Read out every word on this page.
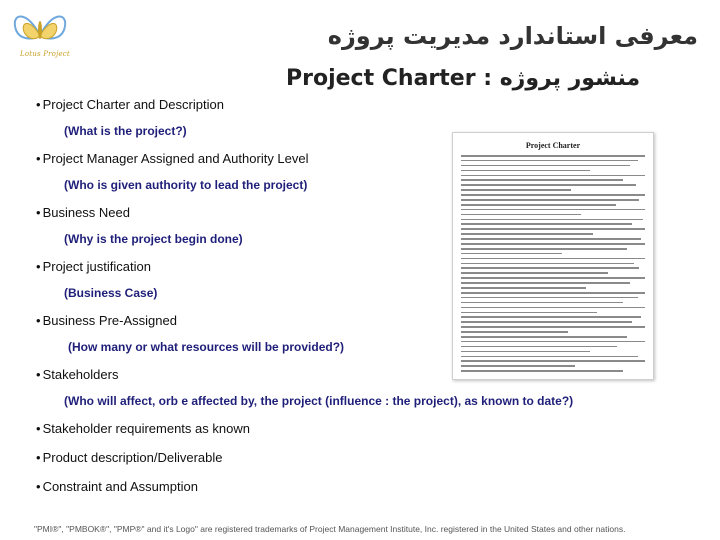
Lotus Project
معرفی استاندارد مدیریت پروژه
Project Charter : منشور پروژه
• Project Charter and Description
(What is the project?)
• Project Manager Assigned and Authority Level
(Who is given authority to lead the project)
• Business Need
(Why is the project begin done)
• Project justification
(Business Case)
• Business Pre-Assigned
(How many or what resources will be provided?)
• Stakeholders
(Who will affect, orb e affected by, the project (influence : the project), as known to date?)
• Stakeholder requirements as known
• Product description/Deliverable
• Constraint and Assumption
Project Charter
"PMI®", "PMBOK®", "PMP®" and it's Logo" are registered trademarks of Project Management Institute, Inc. registered in the United States and other nations.
